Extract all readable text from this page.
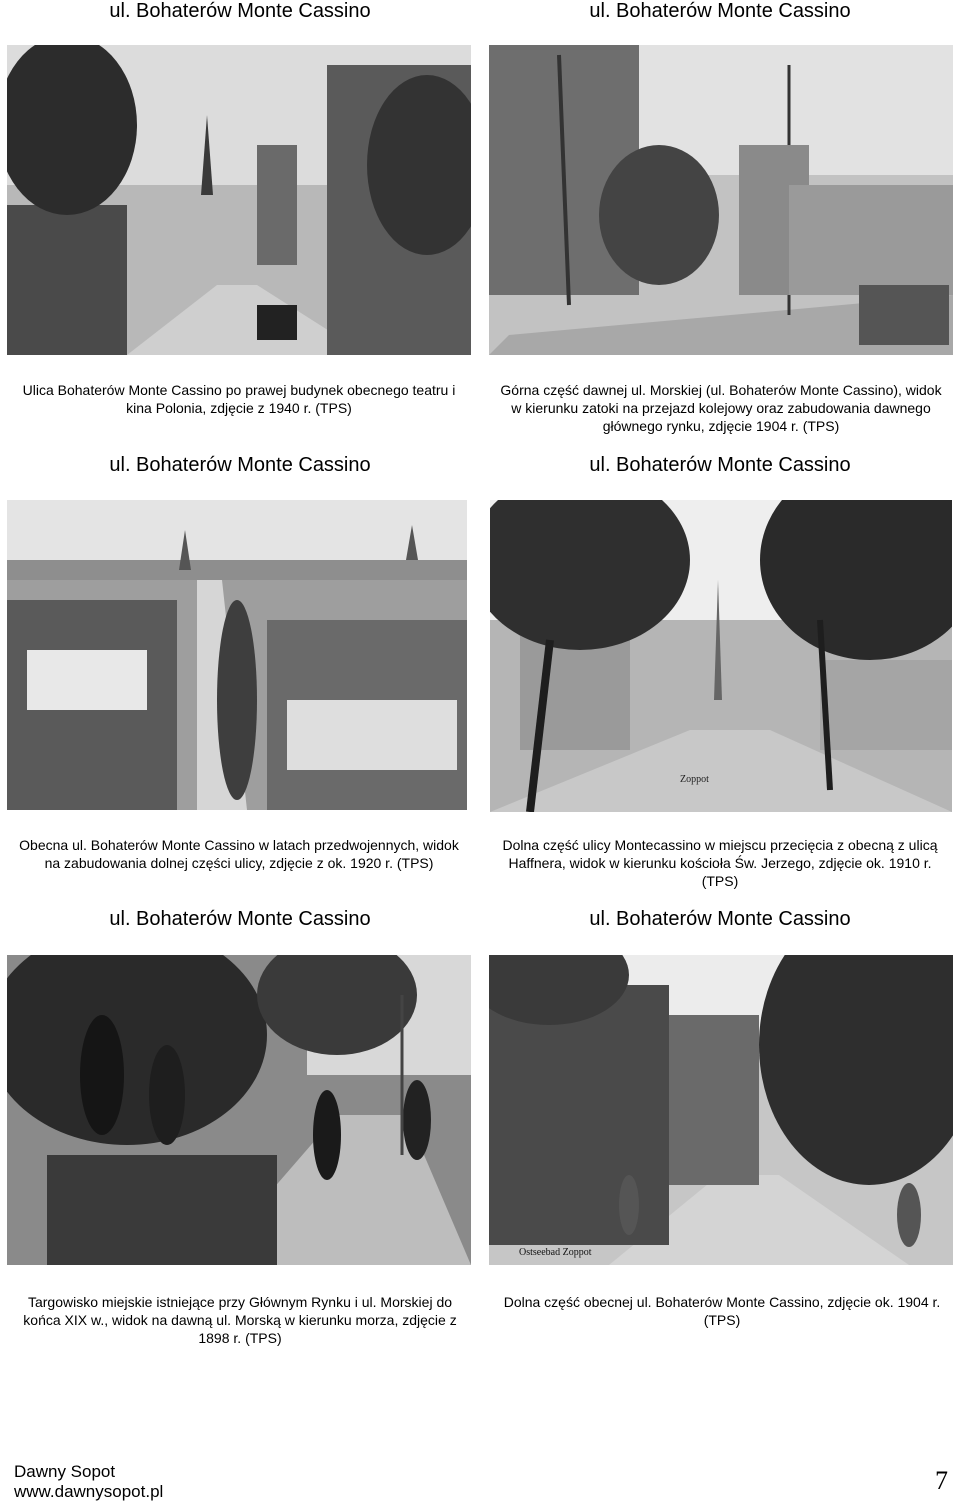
ul. Bohaterów Monte Cassino	ul. Bohaterów Monte Cassino
Ulica Bohaterów Monte Cassino po prawej budynek obecnego teatru i kina Polonia, zdjęcie z 1940 r. (TPS)
Górna część dawnej ul. Morskiej (ul. Bohaterów Monte Cassino), widok w kierunku zatoki na przejazd kolejowy oraz zabudowania dawnego głównego rynku, zdjęcie 1904 r. (TPS)
ul. Bohaterów Monte Cassino	ul. Bohaterów Monte Cassino
Zoppot
Obecna ul. Bohaterów Monte Cassino w latach przedwojennych, widok na zabudowania dolnej części ulicy, zdjęcie z ok. 1920 r. (TPS)
Dolna część ulicy Montecassino w miejscu przecięcia z obecną z ulicą Haffnera, widok w kierunku kościoła Św. Jerzego, zdjęcie ok. 1910 r. (TPS)
ul. Bohaterów Monte Cassino	ul. Bohaterów Monte Cassino
Ostseebad Zoppot
Targowisko miejskie istniejące przy Głównym Rynku i ul. Morskiej do końca XIX w., widok na dawną ul. Morską w kierunku morza, zdjęcie z 1898 r. (TPS)
Dolna część obecnej ul. Bohaterów Monte Cassino, zdjęcie ok. 1904 r. (TPS)
Dawny Sopot
www.dawnysopot.pl	7
